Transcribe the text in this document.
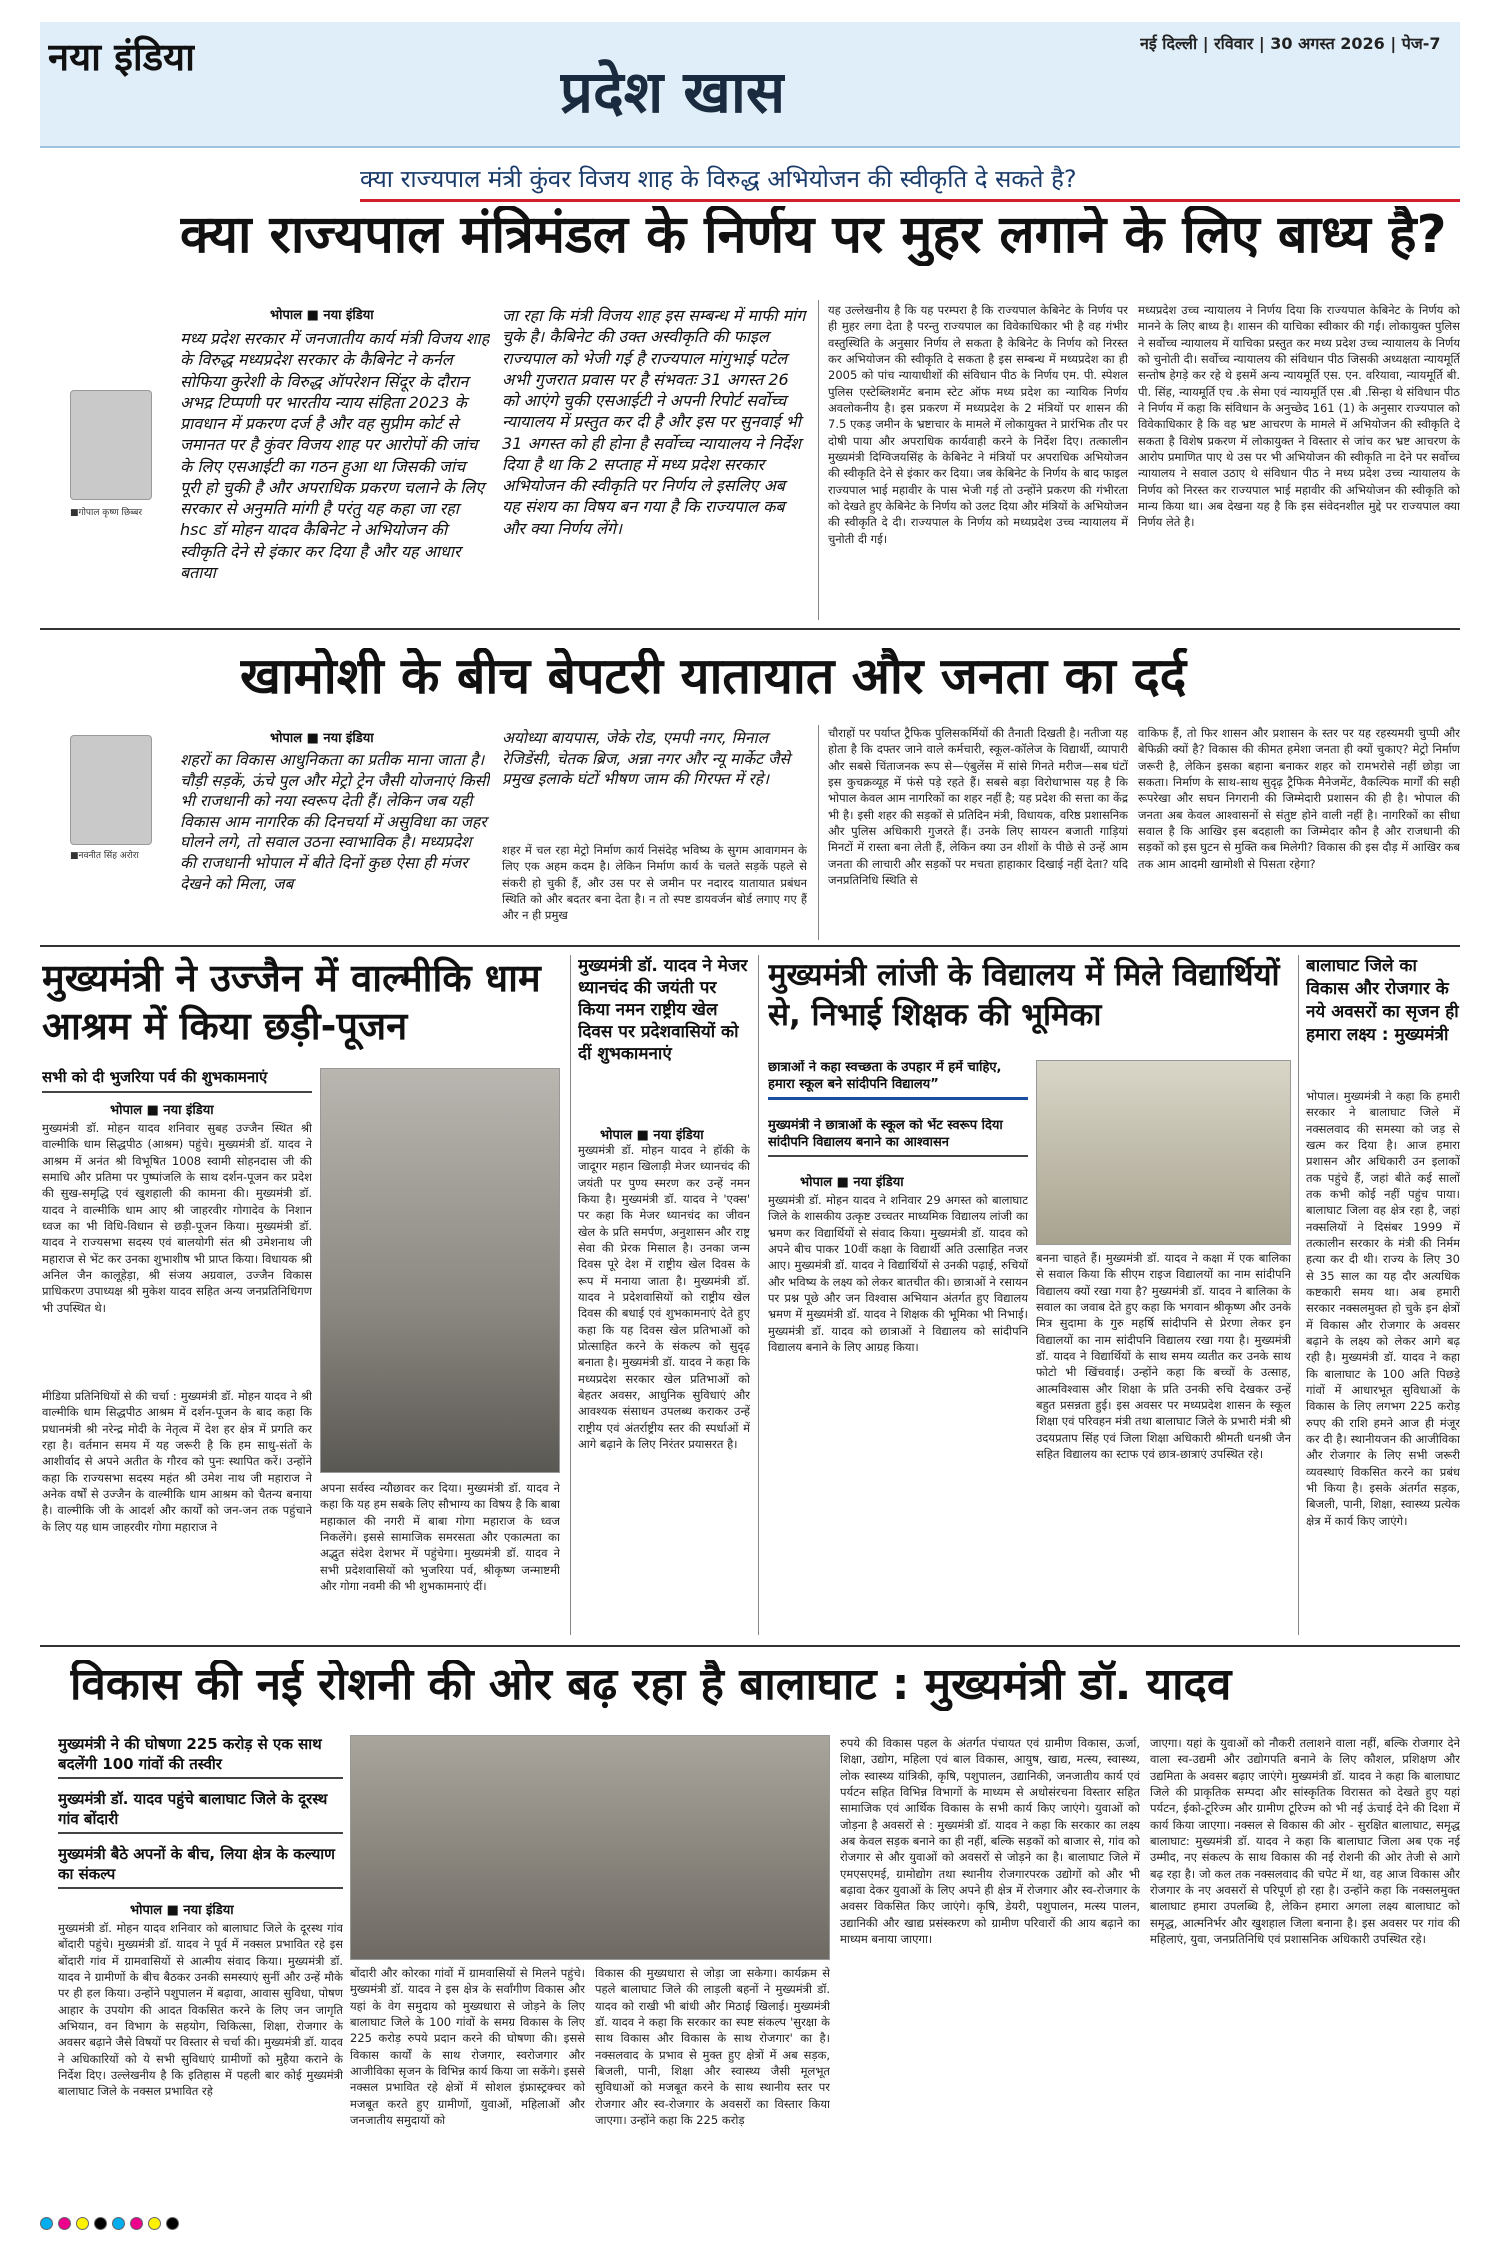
नया इंडिया
प्रदेश खास
नई दिल्ली | रविवार | 30 अगस्त 2026 | पेज-7
क्या राज्यपाल मंत्री कुंवर विजय शाह के विरुद्ध अभियोजन की स्वीकृति दे सकते है?
क्या राज्यपाल मंत्रिमंडल के निर्णय पर मुहर लगाने के लिए बाध्य है?
भोपाल ■ नया इंडिया
■गोपाल कृष्ण छिब्बर
मध्य प्रदेश सरकार में जनजातीय कार्य मंत्री विजय शाह के विरुद्ध मध्यप्रदेश सरकार के कैबिनेट ने कर्नल सोफिया कुरेशी के विरुद्ध ऑपरेशन सिंदूर के दौरान अभद्र टिप्पणी पर भारतीय न्याय संहिता 2023 के प्रावधान में प्रकरण दर्ज है और वह सुप्रीम कोर्ट से जमानत पर है कुंवर विजय शाह पर आरोपों की जांच के लिए एसआईटी का गठन हुआ था जिसकी जांच पूरी हो चुकी है और अपराधिक प्रकरण चलाने के लिए सरकार से अनुमति मांगी है परंतु यह कहा जा रहा hsc डॉ मोहन यादव कैबिनेट ने अभियोजन की स्वीकृति देने से इंकार कर दिया है और यह आधार बताया
जा रहा कि मंत्री विजय शाह इस सम्बन्ध में माफी मांग चुके है। कैबिनेट की उक्त अस्वीकृति की फाइल राज्यपाल को भेजी गई है राज्यपाल मांगुभाई पटेल अभी गुजरात प्रवास पर है संभवतः 31 अगस्त 26 को आएंगे चुकी एसआईटी ने अपनी रिपोर्ट सर्वोच्च न्यायालय में प्रस्तुत कर दी है और इस पर सुनवाई भी 31 अगस्त को ही होना है सर्वोच्च न्यायालय ने निर्देश दिया है था कि 2 सप्ताह में मध्य प्रदेश सरकार अभियोजन की स्वीकृति पर निर्णय ले इसलिए अब यह संशय का विषय बन गया है कि राज्यपाल कब और क्या निर्णय लेंगे।
यह उल्लेखनीय है कि यह परम्परा है कि राज्यपाल केबिनेट के निर्णय पर ही मुहर लगा देता है परन्तु राज्यपाल का विवेकाधिकार भी है वह गंभीर वस्तुस्थिति के अनुसार निर्णय ले सकता है केबिनेट के निर्णय को निरस्त कर अभियोजन की स्वीकृति दे सकता है इस सम्बन्ध में मध्यप्रदेश का ही 2005 को पांच न्यायाधीशों की संविधान पीठ के निर्णय एम. पी. स्पेशल पुलिस एस्टेब्लिशमेंट बनाम स्टेट ऑफ मध्य प्रदेश का न्यायिक निर्णय अवलोकनीय है। इस प्रकरण में मध्यप्रदेश के 2 मंत्रियों पर शासन की 7.5 एकड़ जमीन के भ्रष्टाचार के मामले में लोकायुक्त ने प्रारंभिक तौर पर दोषी पाया और अपराधिक कार्यवाही करने के निर्देश दिए। तत्कालीन मुख्यमंत्री दिग्विजयसिंह के केबिनेट ने मंत्रियों पर अपराधिक अभियोजन की स्वीकृति देने से इंकार कर दिया। जब केबिनेट के निर्णय के बाद फाइल राज्यपाल भाई महावीर के पास भेजी गई तो उन्होंने प्रकरण की गंभीरता को देखते हुए केबिनेट के निर्णय को उलट दिया और मंत्रियों के अभियोजन की स्वीकृति दे दी। राज्यपाल के निर्णय को मध्यप्रदेश उच्च न्यायालय में चुनोती दी गई।
मध्यप्रदेश उच्च न्यायालय ने निर्णय दिया कि राज्यपाल केबिनेट के निर्णय को मानने के लिए बाध्य है। शासन की याचिका स्वीकार की गई। लोकायुक्त पुलिस ने सर्वोच्च न्यायालय में याचिका प्रस्तुत कर मध्य प्रदेश उच्च न्यायालय के निर्णय को चुनोती दी। सर्वोच्च न्यायालय की संविधान पीठ जिसकी अध्यक्षता न्यायमूर्ति सन्तोष हेगड़े कर रहे थे इसमें अन्य न्यायमूर्ति एस. एन. वरियावा, न्यायमूर्ति बी. पी. सिंह, न्यायमूर्ति एच .के सेमा एवं न्यायमूर्ति एस .बी .सिन्हा थे संविधान पीठ ने निर्णय में कहा कि संविधान के अनुच्छेद 161 (1) के अनुसार राज्यपाल को विवेकाधिकार है कि वह भ्रष्ट आचरण के मामले में अभियोजन की स्वीकृति दे सकता है विशेष प्रकरण में लोकायुक्त ने विस्तार से जांच कर भ्रष्ट आचरण के आरोप प्रमाणित पाए थे उस पर भी अभियोजन की स्वीकृति ना देने पर सर्वोच्च न्यायालय ने सवाल उठाए थे संविधान पीठ ने मध्य प्रदेश उच्च न्यायालय के निर्णय को निरस्त कर राज्यपाल भाई महावीर की अभियोजन की स्वीकृति को मान्य किया था। अब देखना यह है कि इस संवेदनशील मुद्दे पर राज्यपाल क्या निर्णय लेते है।
खामोशी के बीच बेपटरी यातायात और जनता का दर्द
भोपाल ■ नया इंडिया
■नवनीत सिंह अरोरा
शहरों का विकास आधुनिकता का प्रतीक माना जाता है। चौड़ी सड़कें, ऊंचे पुल और मेट्रो ट्रेन जैसी योजनाएं किसी भी राजधानी को नया स्वरूप देती हैं। लेकिन जब यही विकास आम नागरिक की दिनचर्या में असुविधा का जहर घोलने लगे, तो सवाल उठना स्वाभाविक है। मध्यप्रदेश की राजधानी भोपाल में बीते दिनों कुछ ऐसा ही मंजर देखने को मिला, जब
अयोध्या बायपास, जेके रोड, एमपी नगर, मिनाल रेजिडेंसी, चेतक ब्रिज, अन्ना नगर और न्यू मार्केट जैसे प्रमुख इलाके घंटों भीषण जाम की गिरफ्त में रहे।
शहर में चल रहा मेट्रो निर्माण कार्य निसंदेह भविष्य के सुगम आवागमन के लिए एक अहम कदम है। लेकिन निर्माण कार्य के चलते सड़कें पहले से संकरी हो चुकी हैं, और उस पर से जमीन पर नदारद यातायात प्रबंधन स्थिति को और बदतर बना देता है। न तो स्पष्ट डायवर्जन बोर्ड लगाए गए हैं और न ही प्रमुख
चौराहों पर पर्याप्त ट्रैफिक पुलिसकर्मियों की तैनाती दिखती है। नतीजा यह होता है कि दफ्तर जाने वाले कर्मचारी, स्कूल-कॉलेज के विद्यार्थी, व्यापारी और सबसे चिंताजनक रूप से—एंबुलेंस में सांसे गिनते मरीज—सब घंटों इस कुचक्रव्यूह में फंसे पड़े रहते हैं। सबसे बड़ा विरोधाभास यह है कि भोपाल केवल आम नागरिकों का शहर नहीं है; यह प्रदेश की सत्ता का केंद्र भी है। इसी शहर की सड़कों से प्रतिदिन मंत्री, विधायक, वरिष्ठ प्रशासनिक और पुलिस अधिकारी गुजरते हैं। उनके लिए सायरन बजाती गाड़ियां मिनटों में रास्ता बना लेती हैं, लेकिन क्या उन शीशों के पीछे से उन्हें आम जनता की लाचारी और सड़कों पर मचता हाहाकार दिखाई नहीं देता? यदि जनप्रतिनिधि स्थिति से
वाकिफ हैं, तो फिर शासन और प्रशासन के स्तर पर यह रहस्यमयी चुप्पी और बेफिक्री क्यों है? विकास की कीमत हमेशा जनता ही क्यों चुकाए? मेट्रो निर्माण जरूरी है, लेकिन इसका बहाना बनाकर शहर को रामभरोसे नहीं छोड़ा जा सकता। निर्माण के साथ-साथ सुदृढ़ ट्रैफिक मैनेजमेंट, वैकल्पिक मार्गों की सही रूपरेखा और सघन निगरानी की जिम्मेदारी प्रशासन की ही है। भोपाल की जनता अब केवल आश्वासनों से संतुष्ट होने वाली नहीं है। नागरिकों का सीधा सवाल है कि आखिर इस बदहाली का जिम्मेदार कौन है और राजधानी की सड़कों को इस घुटन से मुक्ति कब मिलेगी? विकास की इस दौड़ में आखिर कब तक आम आदमी खामोशी से पिसता रहेगा?
मुख्यमंत्री ने उज्जैन में वाल्मीकि धाम आश्रम में किया छड़ी-पूजन
सभी को दी भुजरिया पर्व की शुभकामनाएं
भोपाल ■ नया इंडिया
मुख्यमंत्री डॉ. मोहन यादव शनिवार सुबह उज्जैन स्थित श्री वाल्मीकि धाम सिद्धपीठ (आश्रम) पहुंचे। मुख्यमंत्री डॉ. यादव ने आश्रम में अनंत श्री विभूषित 1008 स्वामी सोहनदास जी की समाधि और प्रतिमा पर पुष्पांजलि के साथ दर्शन-पूजन कर प्रदेश की सुख-समृद्धि एवं खुशहाली की कामना की। मुख्यमंत्री डॉ. यादव ने वाल्मीकि धाम आए श्री जाहरवीर गोगादेव के निशान ध्वज का भी विधि-विधान से छड़ी-पूजन किया। मुख्यमंत्री डॉ. यादव ने राज्यसभा सदस्य एवं बालयोगी संत श्री उमेशनाथ जी महाराज से भेंट कर उनका शुभाशीष भी प्राप्त किया। विधायक श्री अनिल जैन कालूहेड़ा, श्री संजय अग्रवाल, उज्जैन विकास प्राधिकरण उपाध्यक्ष श्री मुकेश यादव सहित अन्य जनप्रतिनिधिगण भी उपस्थित थे।
मीडिया प्रतिनिधियों से की चर्चा : मुख्यमंत्री डॉ. मोहन यादव ने श्री वाल्मीकि धाम सिद्धपीठ आश्रम में दर्शन-पूजन के बाद कहा कि प्रधानमंत्री श्री नरेन्द्र मोदी के नेतृत्व में देश हर क्षेत्र में प्रगति कर रहा है। वर्तमान समय में यह जरूरी है कि हम साधु-संतों के आशीर्वाद से अपने अतीत के गौरव को पुनः स्थापित करें। उन्होंने कहा कि राज्यसभा सदस्य महंत श्री उमेश नाथ जी महाराज ने अनेक वर्षों से उज्जैन के वाल्मीकि धाम आश्रम को चैतन्य बनाया है। वाल्मीकि जी के आदर्श और कार्यों को जन-जन तक पहुंचाने के लिए यह धाम जाहरवीर गोगा महाराज ने
अपना सर्वस्व न्यौछावर कर दिया। मुख्यमंत्री डॉ. यादव ने कहा कि यह हम सबके लिए सौभाग्य का विषय है कि बाबा महाकाल की नगरी में बाबा गोगा महाराज के ध्वज निकलेंगे। इससे सामाजिक समरसता और एकात्मता का अद्भुत संदेश देशभर में पहुंचेगा। मुख्यमंत्री डॉ. यादव ने सभी प्रदेशवासियों को भुजरिया पर्व, श्रीकृष्ण जन्माष्टमी और गोगा नवमी की भी शुभकामनाएं दीं।
मुख्यमंत्री डॉ. यादव ने मेजर ध्यानचंद की जयंती पर किया नमन राष्ट्रीय खेल दिवस पर प्रदेशवासियों को दीं शुभकामनाएं
भोपाल ■ नया इंडिया
मुख्यमंत्री डॉ. मोहन यादव ने हॉकी के जादूगर महान खिलाड़ी मेजर ध्यानचंद की जयंती पर पुण्य स्मरण कर उन्हें नमन किया है। मुख्यमंत्री डॉ. यादव ने 'एक्स' पर कहा कि मेजर ध्यानचंद का जीवन खेल के प्रति समर्पण, अनुशासन और राष्ट्र सेवा की प्रेरक मिसाल है। उनका जन्म दिवस पूरे देश में राष्ट्रीय खेल दिवस के रूप में मनाया जाता है। मुख्यमंत्री डॉ. यादव ने प्रदेशवासियों को राष्ट्रीय खेल दिवस की बधाई एवं शुभकामनाएं देते हुए कहा कि यह दिवस खेल प्रतिभाओं को प्रोत्साहित करने के संकल्प को सुदृढ़ बनाता है। मुख्यमंत्री डॉ. यादव ने कहा कि मध्यप्रदेश सरकार खेल प्रतिभाओं को बेहतर अवसर, आधुनिक सुविधाएं और आवश्यक संसाधन उपलब्ध कराकर उन्हें राष्ट्रीय एवं अंतर्राष्ट्रीय स्तर की स्पर्धाओं में आगे बढ़ाने के लिए निरंतर प्रयासरत है।
मुख्यमंत्री लांजी के विद्यालय में मिले विद्यार्थियों से, निभाई शिक्षक की भूमिका
छात्राओं ने कहा स्वच्छता के उपहार में हमें चाहिए, हमारा स्कूल बने सांदीपनि विद्यालय”
मुख्यमंत्री ने छात्राओं के स्कूल को भेंट स्वरूप दिया सांदीपनि विद्यालय बनाने का आश्वासन
भोपाल ■ नया इंडिया
मुख्यमंत्री डॉ. मोहन यादव ने शनिवार 29 अगस्त को बालाघाट जिले के शासकीय उत्कृष्ट उच्चतर माध्यमिक विद्यालय लांजी का भ्रमण कर विद्यार्थियों से संवाद किया। मुख्यमंत्री डॉ. यादव को अपने बीच पाकर 10वीं कक्षा के विद्यार्थी अति उत्साहित नजर आए। मुख्यमंत्री डॉ. यादव ने विद्यार्थियों से उनकी पढ़ाई, रुचियों और भविष्य के लक्ष्य को लेकर बातचीत की। छात्राओं ने रसायन पर प्रश्न पूछे और जन विश्वास अभियान अंतर्गत हुए विद्यालय भ्रमण में मुख्यमंत्री डॉ. यादव ने शिक्षक की भूमिका भी निभाई। मुख्यमंत्री डॉ. यादव को छात्राओं ने विद्यालय को सांदीपनि विद्यालय बनाने के लिए आग्रह किया।
बनना चाहते हैं। मुख्यमंत्री डॉ. यादव ने कक्षा में एक बालिका से सवाल किया कि सीएम राइज विद्यालयों का नाम सांदीपनि विद्यालय क्यों रखा गया है? मुख्यमंत्री डॉ. यादव ने बालिका के सवाल का जवाब देते हुए कहा कि भगवान श्रीकृष्ण और उनके मित्र सुदामा के गुरु महर्षि सांदीपनि से प्रेरणा लेकर इन विद्यालयों का नाम सांदीपनि विद्यालय रखा गया है। मुख्यमंत्री डॉ. यादव ने विद्यार्थियों के साथ समय व्यतीत कर उनके साथ फोटो भी खिंचवाई। उन्होंने कहा कि बच्चों के उत्साह, आत्मविश्वास और शिक्षा के प्रति उनकी रुचि देखकर उन्हें बहुत प्रसन्नता हुई। इस अवसर पर मध्यप्रदेश शासन के स्कूल शिक्षा एवं परिवहन मंत्री तथा बालाघाट जिले के प्रभारी मंत्री श्री उदयप्रताप सिंह एवं जिला शिक्षा अधिकारी श्रीमती धनश्री जैन सहित विद्यालय का स्टाफ एवं छात्र-छात्राएं उपस्थित रहे।
बालाघाट जिले का विकास और रोजगार के नये अवसरों का सृजन ही हमारा लक्ष्य : मुख्यमंत्री
भोपाल। मुख्यमंत्री ने कहा कि हमारी सरकार ने बालाघाट जिले में नक्सलवाद की समस्या को जड़ से खत्म कर दिया है। आज हमारा प्रशासन और अधिकारी उन इलाकों तक पहुंचे हैं, जहां बीते कई सालों तक कभी कोई नहीं पहुंच पाया। बालाघाट जिला वह क्षेत्र रहा है, जहां नक्सलियों ने दिसंबर 1999 में तत्कालीन सरकार के मंत्री की निर्मम हत्या कर दी थी। राज्य के लिए 30 से 35 साल का यह दौर अत्यधिक कष्टकारी समय था। अब हमारी सरकार नक्सलमुक्त हो चुके इन क्षेत्रों में विकास और रोजगार के अवसर बढ़ाने के लक्ष्य को लेकर आगे बढ़ रही है। मुख्यमंत्री डॉ. यादव ने कहा कि बालाघाट के 100 अति पिछड़े गांवों में आधारभूत सुविधाओं के विकास के लिए लगभग 225 करोड़ रुपए की राशि हमने आज ही मंजूर कर दी है। स्थानीयजन की आजीविका और रोजगार के लिए सभी जरूरी व्यवस्थाएं विकसित करने का प्रबंध भी किया है। इसके अंतर्गत सड़क, बिजली, पानी, शिक्षा, स्वास्थ्य प्रत्येक क्षेत्र में कार्य किए जाएंगे।
विकास की नई रोशनी की ओर बढ़ रहा है बालाघाट : मुख्यमंत्री डॉ. यादव
मुख्यमंत्री ने की घोषणा 225 करोड़ से एक साथ बदलेंगी 100 गांवों की तस्वीर
मुख्यमंत्री डॉ. यादव पहुंचे बालाघाट जिले के दूरस्थ गांव बोंदारी
मुख्यमंत्री बैठे अपनों के बीच, लिया क्षेत्र के कल्याण का संकल्प
भोपाल ■ नया इंडिया
मुख्यमंत्री डॉ. मोहन यादव शनिवार को बालाघाट जिले के दूरस्थ गांव बोंदारी पहुंचे। मुख्यमंत्री डॉ. यादव ने पूर्व में नक्सल प्रभावित रहे इस बोंदारी गांव में ग्रामवासियों से आत्मीय संवाद किया। मुख्यमंत्री डॉ. यादव ने ग्रामीणों के बीच बैठकर उनकी समस्याएं सुनीं और उन्हें मौके पर ही हल किया। उन्होंने पशुपालन में बढ़ावा, आवास सुविधा, पोषण आहार के उपयोग की आदत विकसित करने के लिए जन जागृति अभियान, वन विभाग के सहयोग, चिकित्सा, शिक्षा, रोजगार के अवसर बढ़ाने जैसे विषयों पर विस्तार से चर्चा की। मुख्यमंत्री डॉ. यादव ने अधिकारियों को ये सभी सुविधाएं ग्रामीणों को मुहैया कराने के निर्देश दिए। उल्लेखनीय है कि इतिहास में पहली बार कोई मुख्यमंत्री बालाघाट जिले के नक्सल प्रभावित रहे
बोंदारी और कोरका गांवों में ग्रामवासियों से मिलने पहुंचे। मुख्यमंत्री डॉ. यादव ने इस क्षेत्र के सर्वांगीण विकास और यहां के वेग समुदाय को मुख्यधारा से जोड़ने के लिए बालाघाट जिले के 100 गांवों के समग्र विकास के लिए 225 करोड़ रुपये प्रदान करने की घोषणा की। इससे विकास कार्यों के साथ रोजगार, स्वरोजगार और आजीविका सृजन के विभिन्न कार्य किया जा सकेंगे। इससे नक्सल प्रभावित रहे क्षेत्रों में सोशल इंफ्रास्ट्रक्चर को मजबूत करते हुए ग्रामीणों, युवाओं, महिलाओं और जनजातीय समुदायों को
विकास की मुख्यधारा से जोड़ा जा सकेगा। कार्यक्रम से पहले बालाघाट जिले की लाड़ली बहनों ने मुख्यमंत्री डॉ. यादव को राखी भी बांधी और मिठाई खिलाई। मुख्यमंत्री डॉ. यादव ने कहा कि सरकार का स्पष्ट संकल्प 'सुरक्षा के साथ विकास और विकास के साथ रोजगार' का है। नक्सलवाद के प्रभाव से मुक्त हुए क्षेत्रों में अब सड़क, बिजली, पानी, शिक्षा और स्वास्थ्य जैसी मूलभूत सुविधाओं को मजबूत करने के साथ स्थानीय स्तर पर रोजगार और स्व-रोजगार के अवसरों का विस्तार किया जाएगा। उन्होंने कहा कि 225 करोड़
रुपये की विकास पहल के अंतर्गत पंचायत एवं ग्रामीण विकास, ऊर्जा, शिक्षा, उद्योग, महिला एवं बाल विकास, आयुष, खाद्य, मत्स्य, स्वास्थ्य, लोक स्वास्थ्य यांत्रिकी, कृषि, पशुपालन, उद्यानिकी, जनजातीय कार्य एवं पर्यटन सहित विभिन्न विभागों के माध्यम से अधोसंरचना विस्तार सहित सामाजिक एवं आर्थिक विकास के सभी कार्य किए जाएंगे। युवाओं को जोड़ना है अवसरों से : मुख्यमंत्री डॉ. यादव ने कहा कि सरकार का लक्ष्य अब केवल सड़क बनाने का ही नहीं, बल्कि सड़कों को बाजार से, गांव को रोजगार से और युवाओं को अवसरों से जोड़ने का है। बालाघाट जिले में एमएसएमई, ग्रामोद्योग तथा स्थानीय रोजगारपरक उद्योगों को और भी बढ़ावा देकर युवाओं के लिए अपने ही क्षेत्र में रोजगार और स्व-रोजगार के अवसर विकसित किए जाएंगे। कृषि, डेयरी, पशुपालन, मत्स्य पालन, उद्यानिकी और खाद्य प्रसंस्करण को ग्रामीण परिवारों की आय बढ़ाने का माध्यम बनाया जाएगा।
जाएगा। यहां के युवाओं को नौकरी तलाशने वाला नहीं, बल्कि रोजगार देने वाला स्व-उद्यमी और उद्योगपति बनाने के लिए कौशल, प्रशिक्षण और उद्यमिता के अवसर बढ़ाए जाएंगे। मुख्यमंत्री डॉ. यादव ने कहा कि बालाघाट जिले की प्राकृतिक सम्पदा और सांस्कृतिक विरासत को देखते हुए यहां पर्यटन, ईको-टूरिज्म और ग्रामीण टूरिज्म को भी नई ऊंचाई देने की दिशा में कार्य किया जाएगा। नक्सल से विकास की ओर - सुरक्षित बालाघाट, समृद्ध बालाघाट: मुख्यमंत्री डॉ. यादव ने कहा कि बालाघाट जिला अब एक नई उम्मीद, नए संकल्प के साथ विकास की नई रोशनी की ओर तेजी से आगे बढ़ रहा है। जो कल तक नक्सलवाद की चपेट में था, वह आज विकास और रोजगार के नए अवसरों से परिपूर्ण हो रहा है। उन्होंने कहा कि नक्सलमुक्त बालाघाट हमारा उपलब्धि है, लेकिन हमारा अगला लक्ष्य बालाघाट को समृद्ध, आत्मनिर्भर और खुशहाल जिला बनाना है। इस अवसर पर गांव की महिलाएं, युवा, जनप्रतिनिधि एवं प्रशासनिक अधिकारी उपस्थित रहे।
